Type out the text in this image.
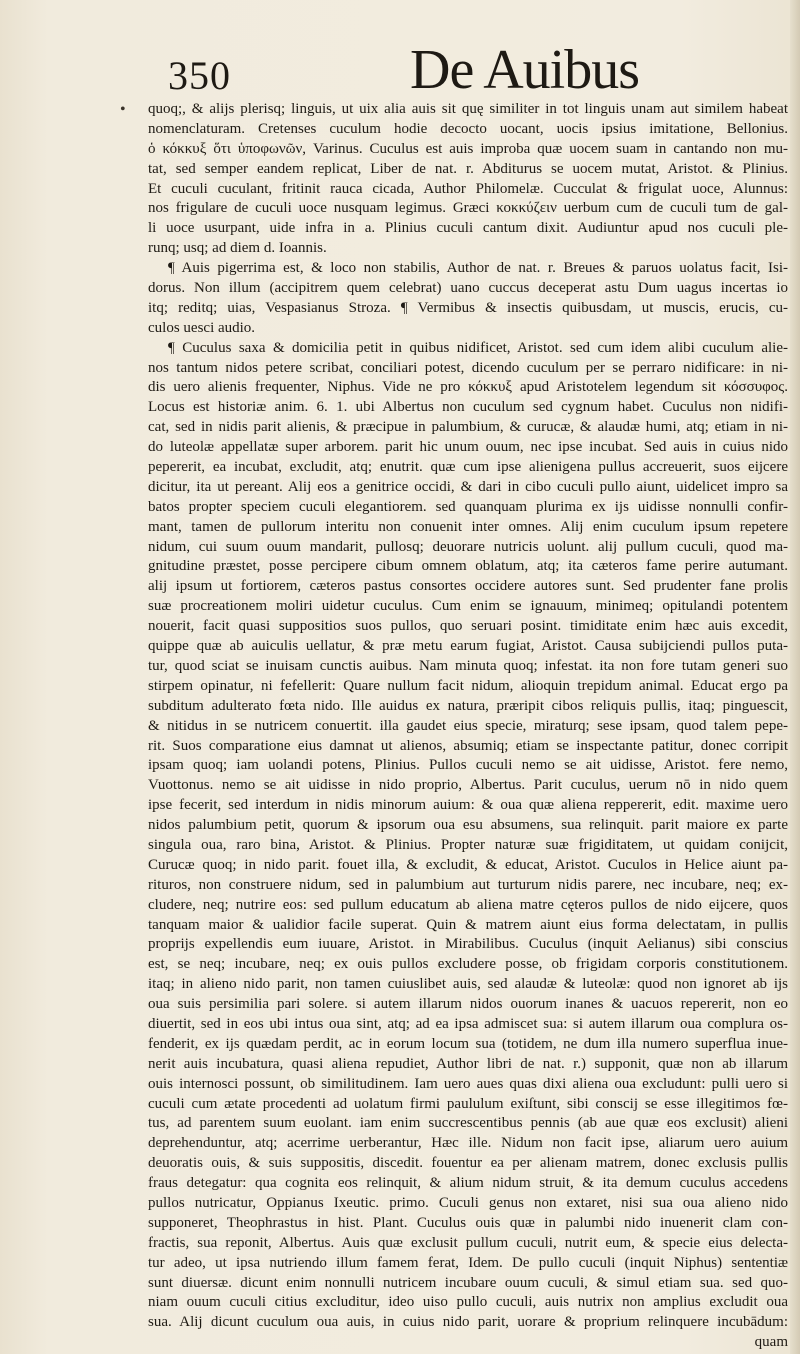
350	De Auibus
• quoq;, & alijs plerisq; linguis, ut uix alia auis sit quę similiter in tot linguis unam aut similem habeat
nomenclaturam. Cretenses cuculum hodie decocto uocant, uocis ipsius imitatione, Bellonius.
ὁ κόκκυξ ὅτι ὑποφωνῶν, Varinus. Cuculus est auis improba quæ uocem suam in cantando non mu-
tat, sed semper eandem replicat, Liber de nat. r. Abditurus se uocem mutat, Aristot. & Plinius.
Et cuculi cuculant, fritinit rauca cicada, Author Philomelæ. Cucculat & frigulat uoce, Alunnus:
nos frigulare de cuculi uoce nusquam legimus. Græci κοκκύζειν uerbum cum de cuculi tum de gal-
li uoce usurpant, uide infra in a. Plinius cuculi cantum dixit. Audiuntur apud nos cuculi ple-
runq; usq; ad diem d. Ioannis.
¶ Auis pigerrima est, & loco non stabilis, Author de nat. r. Breues & paruos uolatus facit, Isi-
dorus. Non illum (accipitrem quem celebrat) uano cuccus deceperat astu Dum uagus incertas io
itq; reditq; uias, Vespasianus Stroza. ¶ Vermibus & insectis quibusdam, ut muscis, erucis, cu-
culos uesci audio.
¶ Cuculus saxa & domicilia petit in quibus nidificet, Aristot. sed cum idem alibi cuculum alie-
nos tantum nidos petere scribat, conciliari potest, dicendo cuculum per se perraro nidificare: in ni-
dis uero alienis frequenter, Niphus. Vide ne pro κόκκυξ apud Aristotelem legendum sit κόσσυφος.
Locus est historiæ anim. 6. 1. ubi Albertus non cuculum sed cygnum habet. Cuculus non nidifi-
cat, sed in nidis parit alienis, & præcipue in palumbium, & curucæ, & alaudæ humi, atq; etiam in ni-
do luteolæ appellatæ super arborem. parit hic unum ouum, nec ipse incubat. Sed auis in cuius nido
pepererit, ea incubat, excludit, atq; enutrit. quæ cum ipse alienigena pullus accreuerit, suos eijcere
dicitur, ita ut pereant. Alij eos a genitrice occidi, & dari in cibo cuculi pullo aiunt, uidelicet impro sa
batos propter speciem cuculi elegantiorem. sed quanquam plurima ex ijs uidisse nonnulli confir-
mant, tamen de pullorum interitu non conuenit inter omnes. Alij enim cuculum ipsum repetere
nidum, cui suum ouum mandarit, pullosq; deuorare nutricis uolunt. alij pullum cuculi, quod ma-
gnitudine præstet, posse percipere cibum omnem oblatum, atq; ita cæteros fame perire autumant.
alij ipsum ut fortiorem, cæteros pastus consortes occidere autores sunt. Sed prudenter fane prolis
suæ procreationem moliri uidetur cuculus. Cum enim se ignauum, minimeq; opitulandi potentem
nouerit, facit quasi suppositios suos pullos, quo seruari posint. timiditate enim hæc auis excedit,
quippe quæ ab auiculis uellatur, & præ metu earum fugiat, Aristot. Causa subijciendi pullos puta-
tur, quod sciat se inuisam cunctis auibus. Nam minuta quoq; infestat. ita non fore tutam generi suo
stirpem opinatur, ni fefellerit: Quare nullum facit nidum, alioquin trepidum animal. Educat ergo pa
subditum adulterato fœta nido. Ille auidus ex natura, præripit cibos reliquis pullis, itaq; pinguescit,
& nitidus in se nutricem conuertit. illa gaudet eius specie, miraturq; sese ipsam, quod talem pepe-
rit. Suos comparatione eius damnat ut alienos, absumiq; etiam se inspectante patitur, donec corripit
ipsam quoq; iam uolandi potens, Plinius. Pullos cuculi nemo se ait uidisse, Aristot. fere nemo,
Vuottonus. nemo se ait uidisse in nido proprio, Albertus. Parit cuculus, uerum nō in nido quem
ipse fecerit, sed interdum in nidis minorum auium: & oua quæ aliena reppererit, edit. maxime uero
nidos palumbium petit, quorum & ipsorum oua esu absumens, sua relinquit. parit maiore ex parte
singula oua, raro bina, Aristot. & Plinius. Propter naturæ suæ frigiditatem, ut quidam conijcit,
Curucæ quoq; in nido parit. fouet illa, & excludit, & educat, Aristot. Cuculos in Helice aiunt pa-
rituros, non construere nidum, sed in palumbium aut turturum nidis parere, nec incubare, neq; ex-
cludere, neq; nutrire eos: sed pullum educatum ab aliena matre cęteros pullos de nido eijcere, quos
tanquam maior & ualidior facile superat. Quin & matrem aiunt eius forma delectatam, in pullis
proprijs expellendis eum iuuare, Aristot. in Mirabilibus. Cuculus (inquit Aelianus) sibi conscius
est, se neq; incubare, neq; ex ouis pullos excludere posse, ob frigidam corporis constitutionem.
itaq; in alieno nido parit, non tamen cuiuslibet auis, sed alaudæ & luteolæ: quod non ignoret ab ijs
oua suis persimilia pari solere. si autem illarum nidos ouorum inanes & uacuos repererit, non eo
diuertit, sed in eos ubi intus oua sint, atq; ad ea ipsa admiscet sua: si autem illarum oua complura os-
fenderit, ex ijs quædam perdit, ac in eorum locum sua (totidem, ne dum illa numero superflua inue-
nerit auis incubatura, quasi aliena repudiet, Author libri de nat. r.) supponit, quæ non ab illarum
ouis internosci possunt, ob similitudinem. Iam uero aues quas dixi aliena oua excludunt: pulli uero si
cuculi cum ætate procedenti ad uolatum firmi paululum exiſtunt, sibi conscij se esse illegitimos fœ-
tus, ad parentem suum euolant. iam enim succrescentibus pennis (ab aue quæ eos exclusit) alieni
deprehenduntur, atq; acerrime uerberantur, Hæc ille. Nidum non facit ipse, aliarum uero auium
deuoratis ouis, & suis suppositis, discedit. fouentur ea per alienam matrem, donec exclusis pullis
fraus detegatur: qua cognita eos relinquit, & alium nidum struit, & ita demum cuculus accedens
pullos nutricatur, Oppianus Ixeutic. primo. Cuculi genus non extaret, nisi sua oua alieno nido
supponeret, Theophrastus in hist. Plant. Cuculus ouis quæ in palumbi nido inuenerit clam con-
fractis, sua reponit, Albertus. Auis quæ exclusit pullum cuculi, nutrit eum, & specie eius delecta-
tur adeo, ut ipsa nutriendo illum famem ferat, Idem. De pullo cuculi (inquit Niphus) sententiæ
sunt diuersæ. dicunt enim nonnulli nutricem incubare ouum cuculi, & simul etiam sua. sed quo-
niam ouum cuculi citius excluditur, ideo uiso pullo cuculi, auis nutrix non amplius excludit oua
sua. Alij dicunt cuculum oua auis, in cuius nido parit, uorare & proprium relinquere incubādum:
quam
